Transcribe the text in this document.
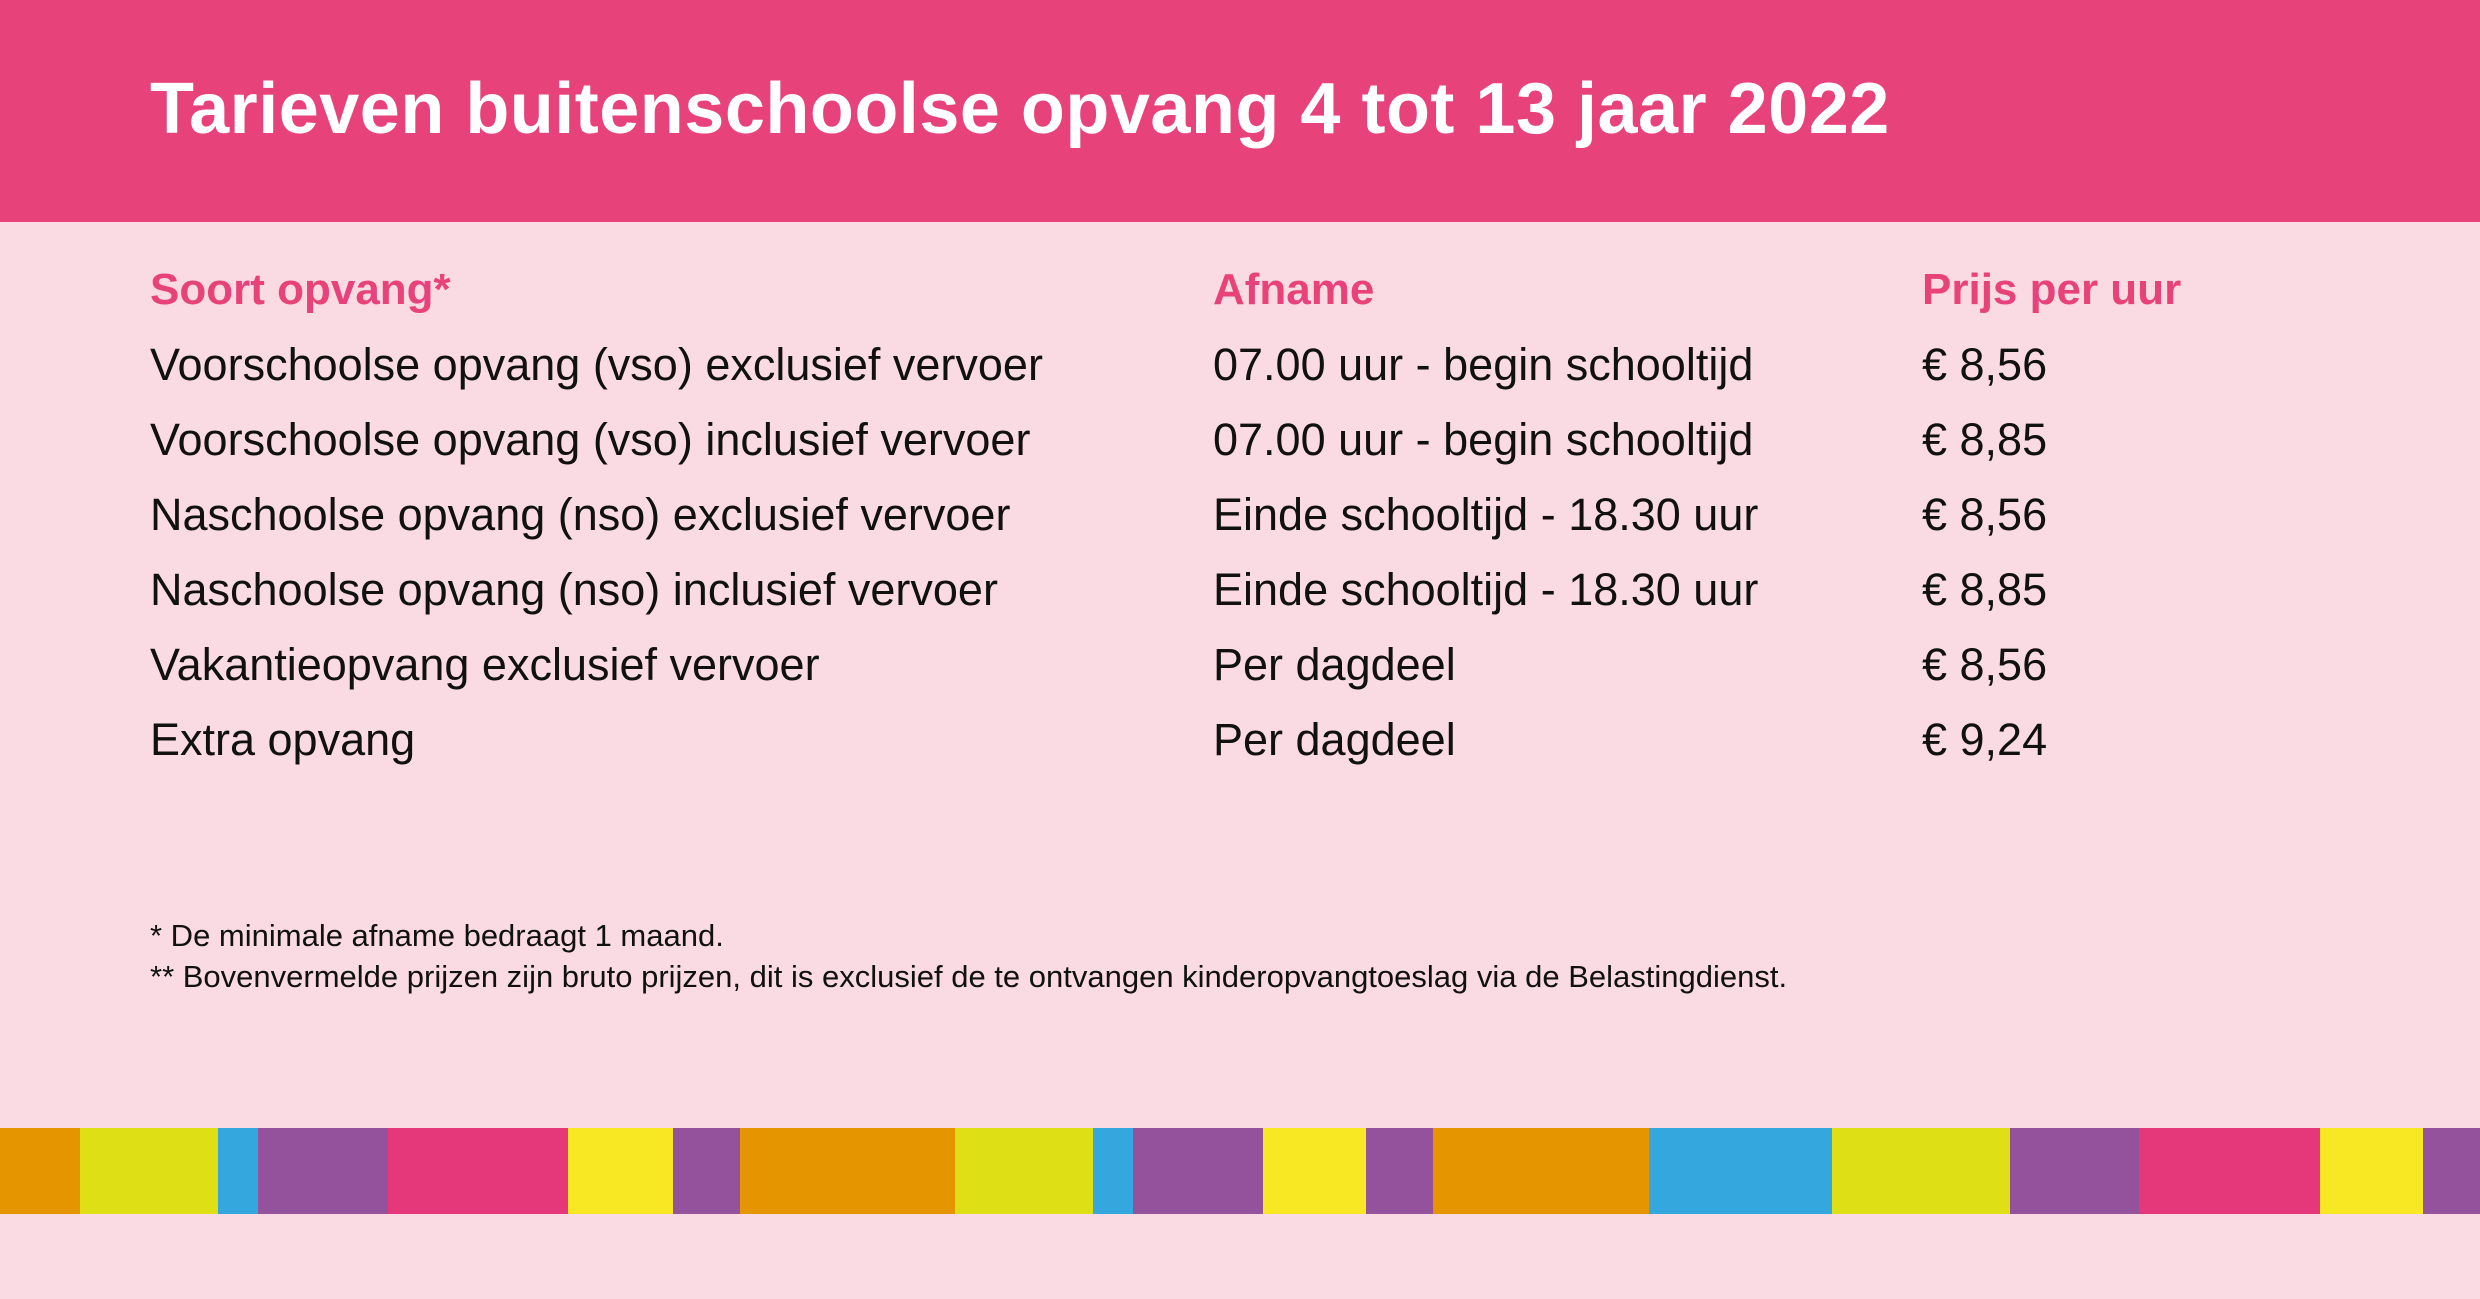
Tarieven buitenschoolse opvang 4 tot 13 jaar 2022
Soort opvang*	Afname	Prijs per uur
Voorschoolse opvang (vso) exclusief vervoer	07.00 uur - begin schooltijd	€ 8,56
Voorschoolse opvang (vso) inclusief vervoer	07.00 uur - begin schooltijd	€ 8,85
Naschoolse opvang (nso) exclusief vervoer	Einde schooltijd - 18.30 uur	€ 8,56
Naschoolse opvang (nso) inclusief vervoer	Einde schooltijd - 18.30 uur	€ 8,85
Vakantieopvang exclusief vervoer	Per dagdeel	€ 8,56
Extra opvang	Per dagdeel	€ 9,24
* De minimale afname bedraagt 1 maand.
** Bovenvermelde prijzen zijn bruto prijzen, dit is exclusief de te ontvangen kinderopvangtoeslag via de Belastingdienst.
